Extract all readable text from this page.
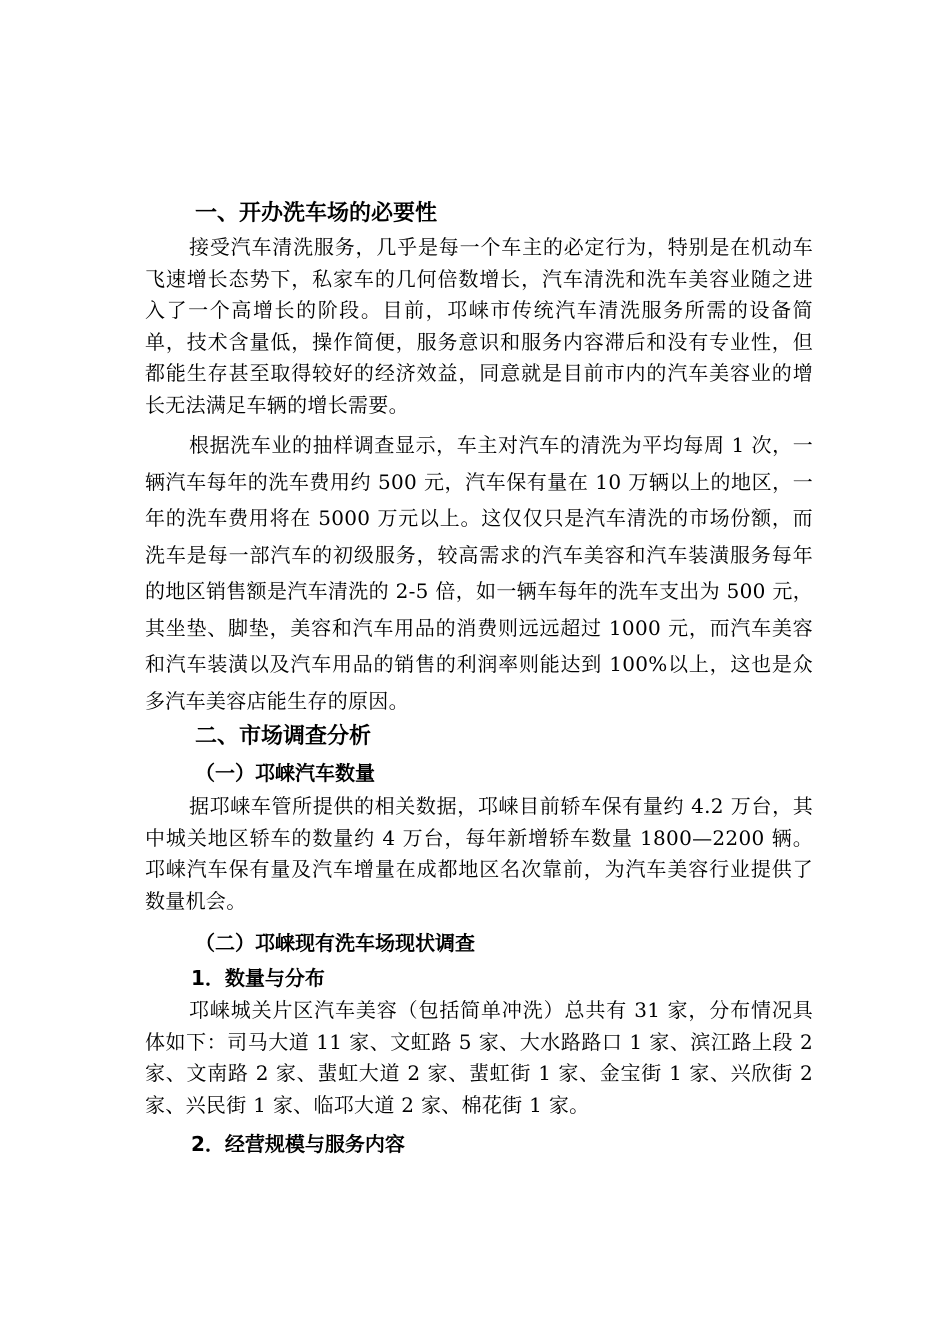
一、开办洗车场的必要性

接受汽车清洗服务，几乎是每一个车主的必定行为，特别是在机动车飞速增长态势下，私家车的几何倍数增长，汽车清洗和洗车美容业随之进入了一个高增长的阶段。目前，邛崃市传统汽车清洗服务所需的设备简单，技术含量低，操作简便，服务意识和服务内容滞后和没有专业性，但都能生存甚至取得较好的经济效益，同意就是目前市内的汽车美容业的增长无法满足车辆的增长需要。

根据洗车业的抽样调查显示，车主对汽车的清洗为平均每周 1 次，一辆汽车每年的洗车费用约 500 元，汽车保有量在 10 万辆以上的地区，一年的洗车费用将在 5000 万元以上。这仅仅只是汽车清洗的市场份额，而洗车是每一部汽车的初级服务，较高需求的汽车美容和汽车装潢服务每年的地区销售额是汽车清洗的 2-5 倍，如一辆车每年的洗车支出为 500 元，其坐垫、脚垫，美容和汽车用品的消费则远远超过 1000 元，而汽车美容和汽车装潢以及汽车用品的销售的利润率则能达到 100%以上，这也是众多汽车美容店能生存的原因。

二、市场调查分析
（一）邛崃汽车数量

据邛崃车管所提供的相关数据，邛崃目前轿车保有量约 4.2 万台，其中城关地区轿车的数量约 4 万台，每年新增轿车数量 1800—2200 辆。邛崃汽车保有量及汽车增量在成都地区名次靠前，为汽车美容行业提供了数量机会。

（二）邛崃现有洗车场现状调查
1．数量与分布

邛崃城关片区汽车美容（包括简单冲洗）总共有 31 家，分布情况具体如下：司马大道 11 家、文虹路 5 家、大水路路口 1 家、滨江路上段 2 家、文南路 2 家、蜚虹大道 2 家、蜚虹街 1 家、金宝街 1 家、兴欣街 2 家、兴民街 1 家、临邛大道 2 家、棉花街 1 家。

2．经营规模与服务内容
